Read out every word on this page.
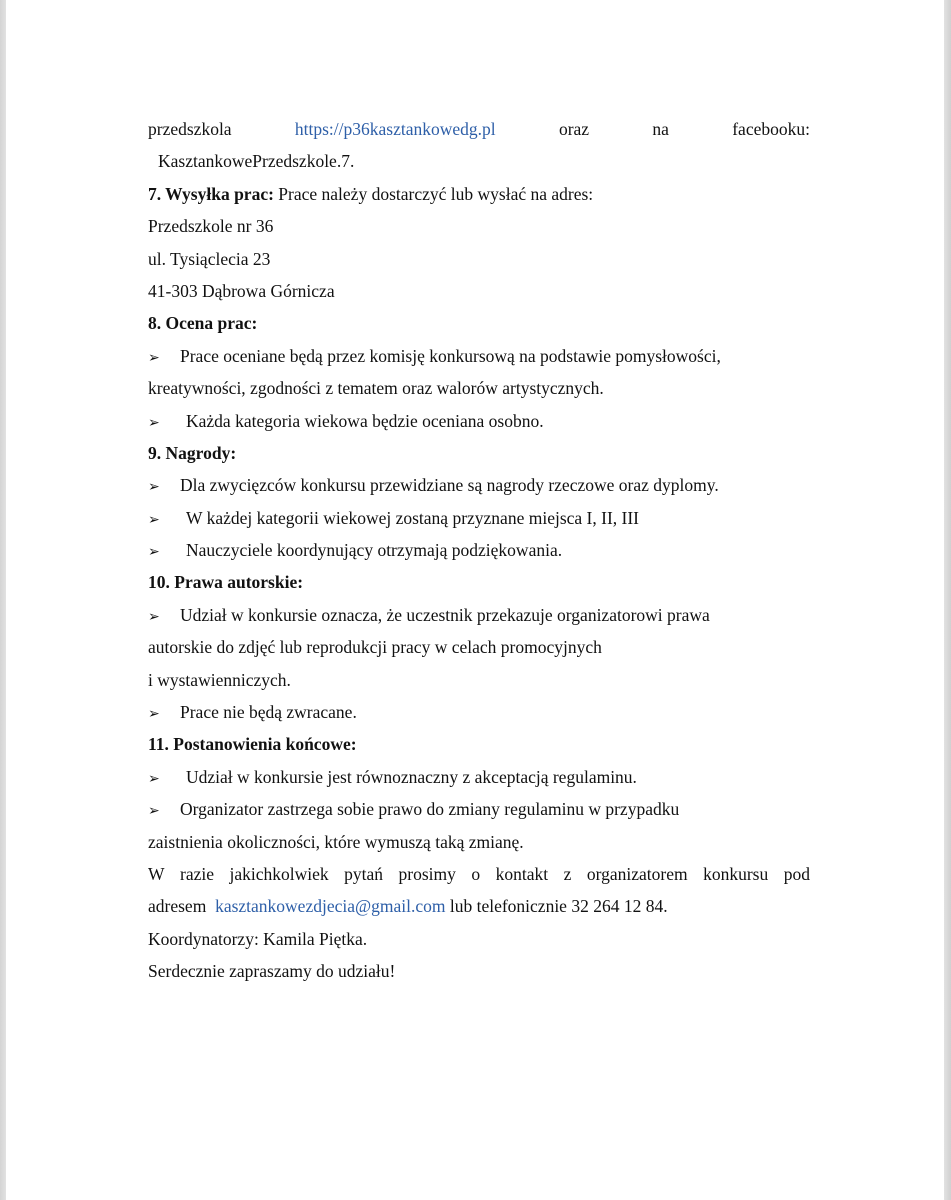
przedszkola	https://p36kasztankowedg.pl	oraz	na	facebooku:
KasztankowePrzedszkole.7.
7. Wysyłka prac: Prace należy dostarczyć lub wysłać na adres:
Przedszkole nr 36
ul. Tysiąclecia 23
41-303 Dąbrowa Górnicza
8. Ocena prac:
➢ Prace oceniane będą przez komisję konkursową na podstawie pomysłowości,
kreatywności, zgodności z tematem oraz walorów artystycznych.
➢ Każda kategoria wiekowa będzie oceniana osobno.
9. Nagrody:
➢ Dla zwycięzców konkursu przewidziane są nagrody rzeczowe oraz dyplomy.
➢ W każdej kategorii wiekowej zostaną przyznane miejsca I, II, III
➢ Nauczyciele koordynujący otrzymają podziękowania.
10. Prawa autorskie:
➢ Udział w konkursie oznacza, że uczestnik przekazuje organizatorowi prawa
autorskie do zdjęć lub reprodukcji pracy w celach promocyjnych
i wystawienniczych.
➢ Prace nie będą zwracane.
11. Postanowienia końcowe:
➢ Udział w konkursie jest równoznaczny z akceptacją regulaminu.
➢ Organizator zastrzega sobie prawo do zmiany regulaminu w przypadku
zaistnienia okoliczności, które wymuszą taką zmianę.
W razie jakichkolwiek pytań prosimy o kontakt z organizatorem konkursu pod
adresem  kasztankowezdjecia@gmail.com lub telefonicznie 32 264 12 84.
Koordynatorzy: Kamila Piętka.
Serdecznie zapraszamy do udziału!
